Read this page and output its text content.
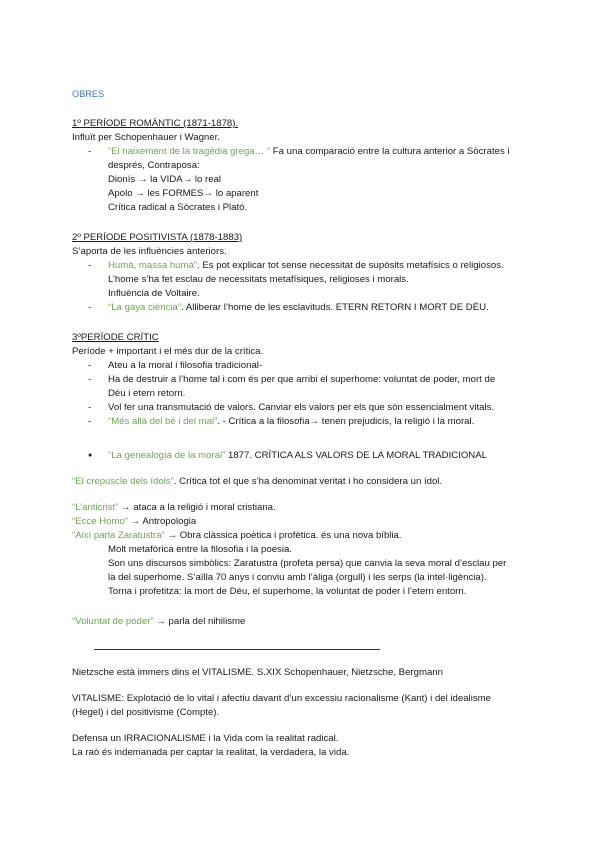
OBRES

1º PERÍODE ROMÀNTIC (1871-1878).

Influït per Schopenhauer i Wagner.

- “El naixement de la tragèdia grega… ” Fa una comparació entre la cultura anterior a Sòcrates i

després, Contraposa:

Dionís → la VIDA→ lo real

Apolo → les FORMES→ lo aparent

Crítica radical a Sòcrates i Plató.

2º PERÍODE POSITIVISTA (1878-1883)

S’aporta de les influències anteriors.

- Humà, massa humà”. Es pot explicar tot sense necessitat de supòsits metafísics o religiosos.

L’home s’ha fet esclau de necessitats metafísiques, religioses i morals.

Influència de Voltaire.

- “La gaya ciència”. Alliberar l’home de les esclavituds. ETERN RETORN I MORT DE DÉU.

3ºPERÍODE CRÍTIC

Període + important i el més dur de la crítica.

- Ateu a la moral i filosofia tradicional-
- Ha de destruir a l’home tal i com és per que arribi el superhome: voluntat de poder, mort de

Déu i etern retorn.

- Vol fer una transmutació de valors. Canviar els valors per els que són essencialment vitals.
- “Més allà del bé i del mal”. - Crítica a la filosofia→ tenen prejudicis, la religió i la moral.

● “La genealogía de la moral” 1877. CRÍTICA ALS VALORS DE LA MORAL TRADICIONAL

“El crepuscle dels ídols”. Crítica tot el que s’ha denominat veritat i ho considera un ídol.

“L’anticrist” → ataca a la religió i moral cristiana.

“Ecce Homo” → Antropologia

“Així parla Zaratustra” → Obra clàssica poètica i profètica. és una nova bíblia.

Molt metafòrica entre la filosofia i la poesia.

Son uns discursos simbòlics: Zaratustra (profeta persa) que canvia la seva moral d’esclau per

la del superhome. S’aïlla 70 anys i conviu amb l’àliga (orgull) i les serps (la intel·ligència).

Torna i profetitza: la mort de Déu, el superhome, la voluntat de poder i l’etern entorn.

“Voluntat de poder” → parla del nihilisme

Nietzsche està immers dins el VITALISME. S.XIX Schopenhauer, Nietzsche, Bergmann

VITALISME: Explotació de lo vital i afectiu davant d’un excessiu racionalisme (Kant) i del idealisme

(Hegel) i del positivisme (Compte).

Defensa un IRRACIONALISME i la Vida com la realitat radical.

La raó és indemanada per captar la realitat, la verdadera, la vida.
